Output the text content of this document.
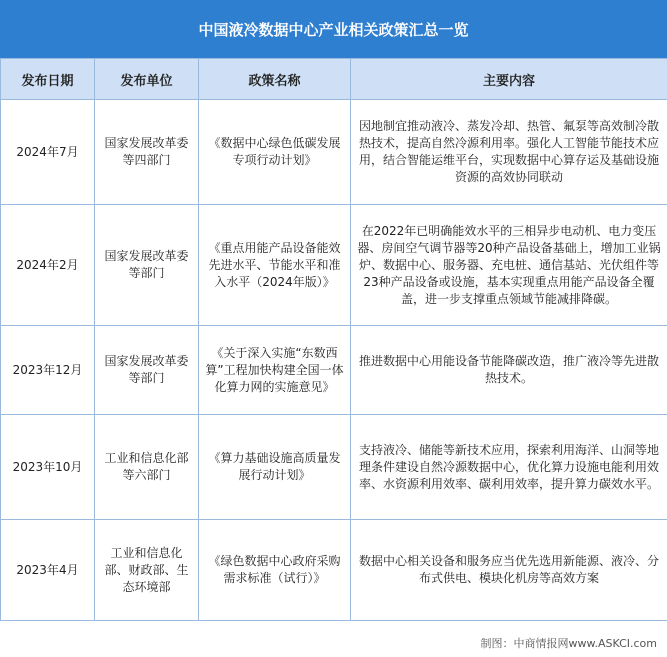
中国液冷数据中心产业相关政策汇总一览
发布日期	发布单位	政策名称	主要内容
2024年7月	国家发展改革委等四部门	《数据中心绿色低碳发展专项行动计划》	因地制宜推动液冷、蒸发冷却、热管、氟泵等高效制冷散热技术，提高自然冷源利用率。强化人工智能节能技术应用，结合智能运维平台，实现数据中心算存运及基础设施资源的高效协同联动
2024年2月	国家发展改革委等部门	《重点用能产品设备能效先进水平、节能水平和准入水平（2024年版）》	在2022年已明确能效水平的三相异步电动机、电力变压器、房间空气调节器等20种产品设备基础上，增加工业锅炉、数据中心、服务器、充电桩、通信基站、光伏组件等23种产品设备或设施，基本实现重点用能产品设备全覆盖，进一步支撑重点领域节能减排降碳。
2023年12月	国家发展改革委等部门	《关于深入实施“东数西算”工程加快构建全国一体化算力网的实施意见》	推进数据中心用能设备节能降碳改造，推广液冷等先进散热技术。
2023年10月	工业和信息化部等六部门	《算力基础设施高质量发展行动计划》	支持液冷、储能等新技术应用，探索利用海洋、山洞等地理条件建设自然冷源数据中心，优化算力设施电能利用效率、水资源利用效率、碳利用效率，提升算力碳效水平。
2023年4月	工业和信息化部、财政部、生态环境部	《绿色数据中心政府采购需求标准（试行）》	数据中心相关设备和服务应当优先选用新能源、液冷、分布式供电、模块化机房等高效方案
制图：中商情报网www.ASKCI.com
